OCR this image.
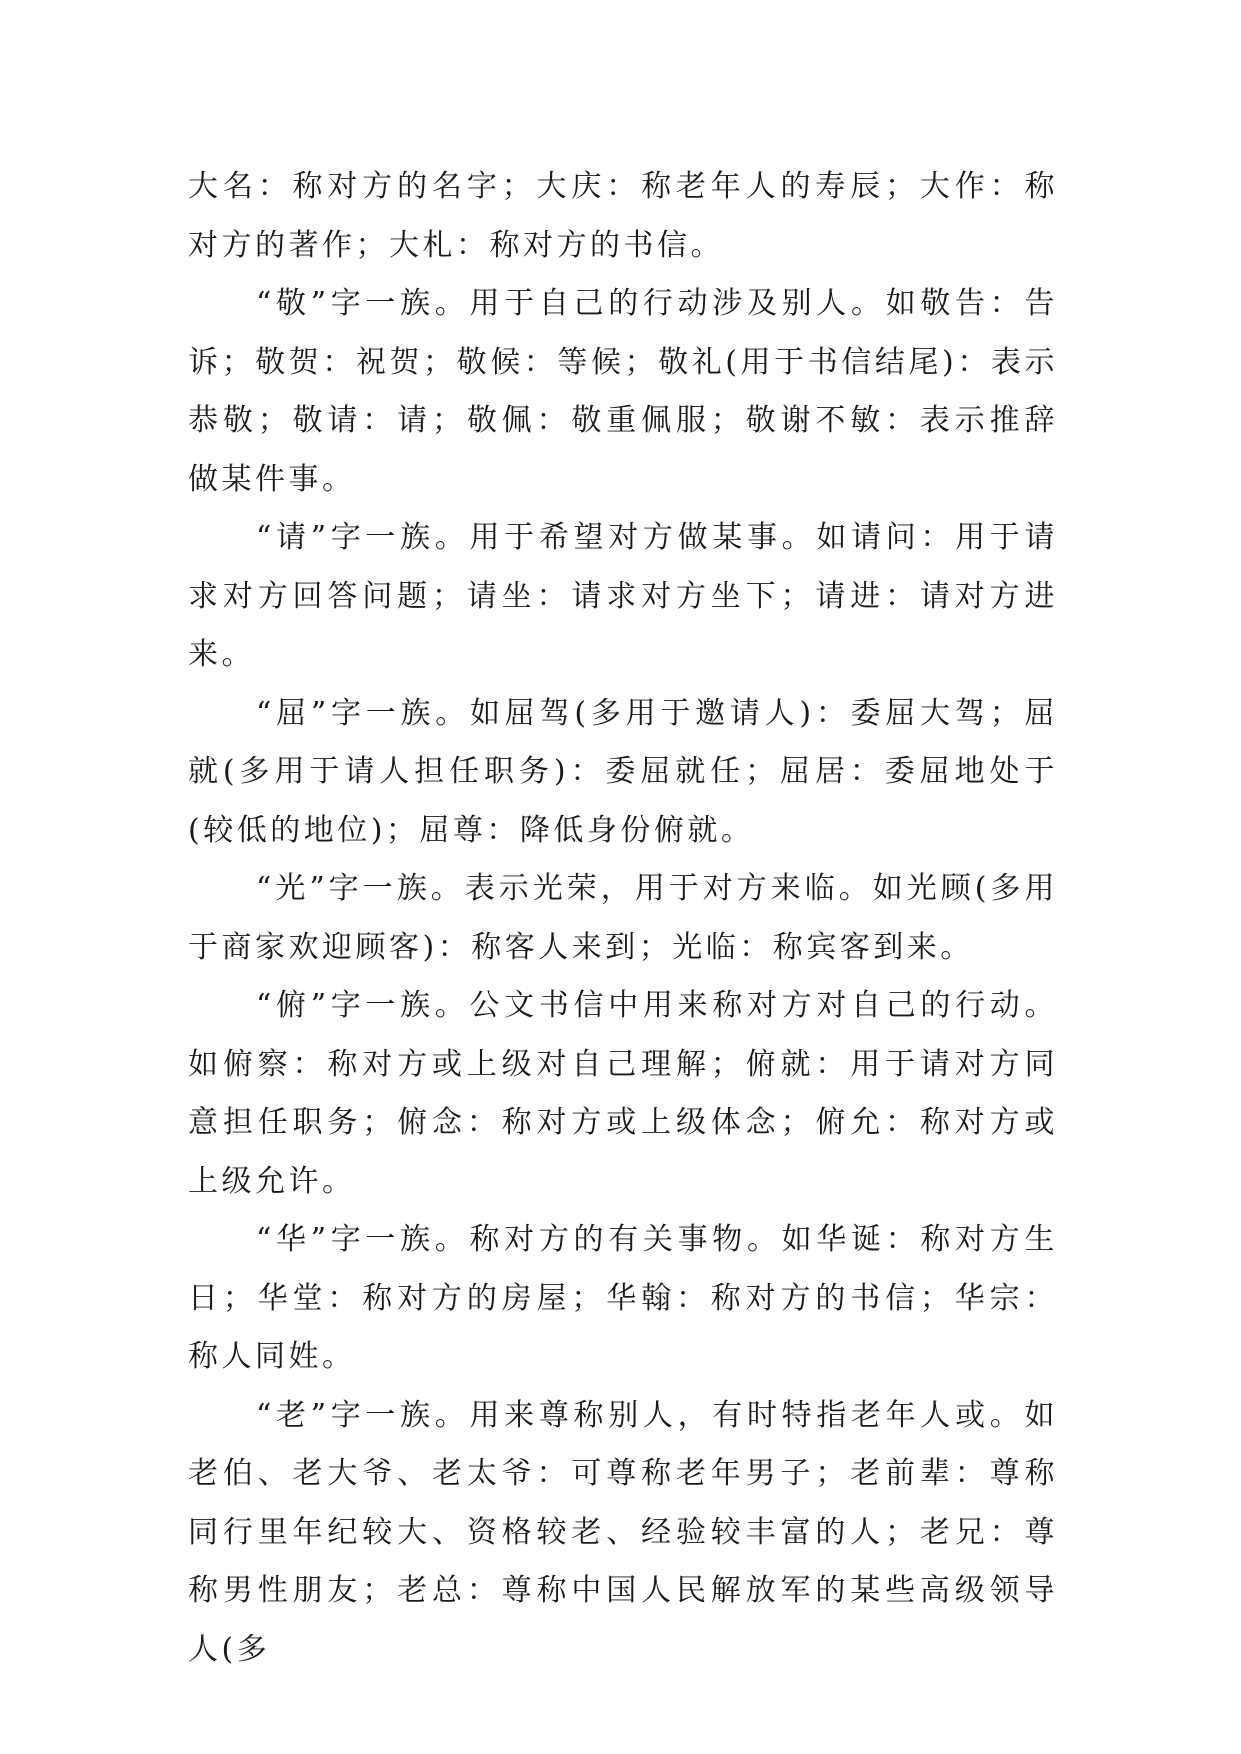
大名：称对方的名字；大庆：称老年人的寿辰；大作：称对方的著作；大札：称对方的书信。

“敬”字一族。用于自己的行动涉及别人。如敬告：告诉；敬贺：祝贺；敬候：等候；敬礼(用于书信结尾)：表示恭敬；敬请：请；敬佩：敬重佩服；敬谢不敏：表示推辞做某件事。

“请”字一族。用于希望对方做某事。如请问：用于请求对方回答问题；请坐：请求对方坐下；请进：请对方进来。

“屈”字一族。如屈驾(多用于邀请人)：委屈大驾；屈就(多用于请人担任职务)：委屈就任；屈居：委屈地处于(较低的地位)；屈尊：降低身份俯就。

“光”字一族。表示光荣，用于对方来临。如光顾(多用于商家欢迎顾客)：称客人来到；光临：称宾客到来。

“俯”字一族。公文书信中用来称对方对自己的行动。如俯察：称对方或上级对自己理解；俯就：用于请对方同意担任职务；俯念：称对方或上级体念；俯允：称对方或上级允许。

“华”字一族。称对方的有关事物。如华诞：称对方生日；华堂：称对方的房屋；华翰：称对方的书信；华宗：称人同姓。

“老”字一族。用来尊称别人，有时特指老年人或。如老伯、老大爷、老太爷：可尊称老年男子；老前辈：尊称同行里年纪较大、资格较老、经验较丰富的人；老兄：尊称男性朋友；老总：尊称中国人民解放军的某些高级领导人(多
